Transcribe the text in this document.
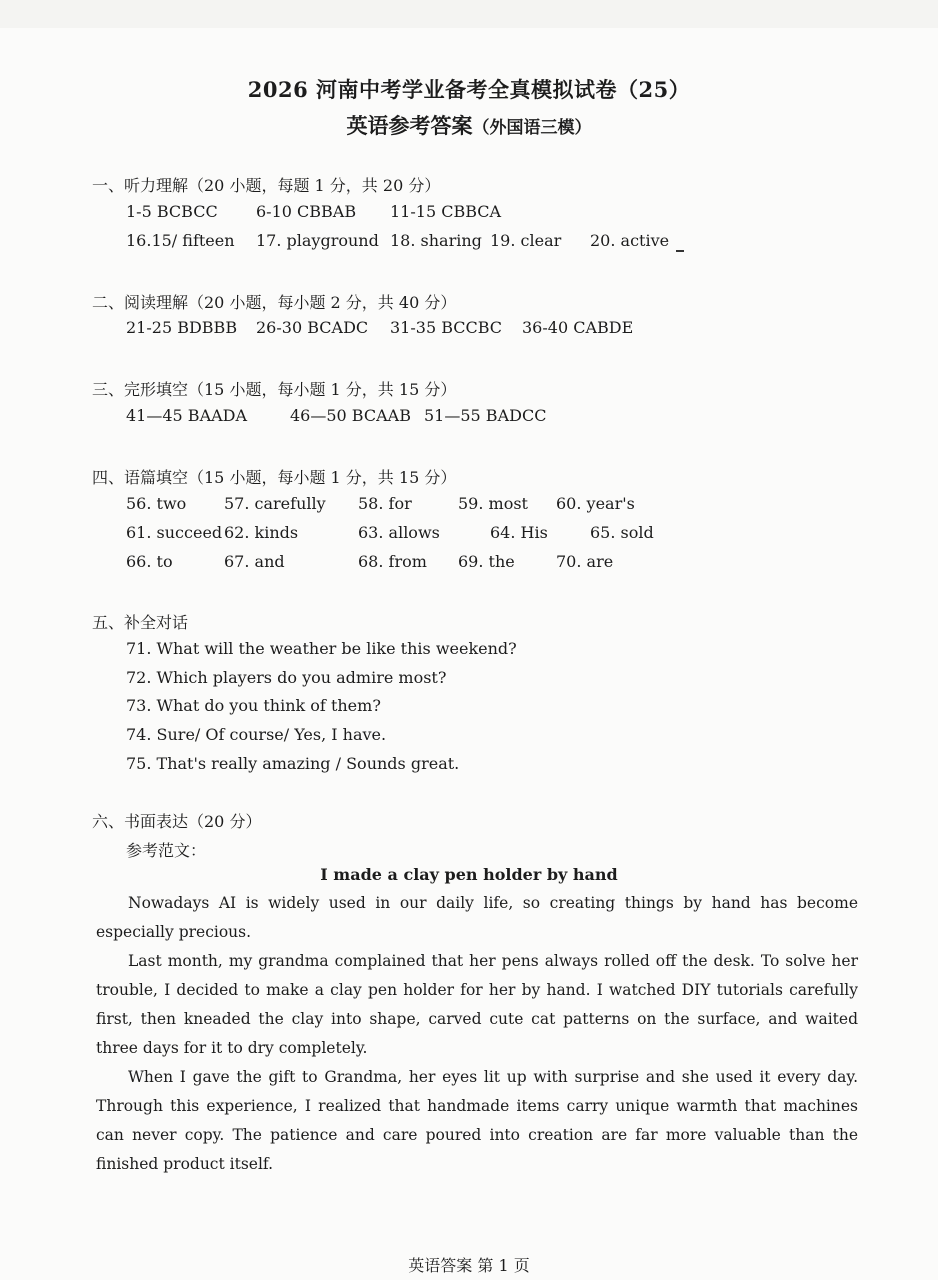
2026 河南中考学业备考全真模拟试卷（25）
英语参考答案（外国语三模）
一、听力理解（20 小题，每题 1 分，共 20 分）
1-5 BCBCC 6-10 CBBAB 11-15 CBBCA
16.15/ fifteen 17. playground 18. sharing 19. clear 20. active
二、阅读理解（20 小题，每小题 2 分，共 40 分）
21-25 BDBBB 26-30 BCADC 31-35 BCCBC 36-40 CABDE
三、完形填空（15 小题，每小题 1 分，共 15 分）
41—45 BAADA	46—50 BCAAB 51—55 BADCC
四、语篇填空（15 小题，每小题 1 分，共 15 分）
56. two 57. carefully 58. for	59. most 60. year's
61. succeed 62. kinds	63. allows	64. His	65. sold
66. to	67. and	68. from 69. the	70. are
五、补全对话
71. What will the weather be like this weekend?
72. Which players do you admire most?
73. What do you think of them?
74. Sure/ Of course/ Yes, I have.
75. That's really amazing / Sounds great.
六、书面表达（20 分）
参考范文：
I made a clay pen holder by hand

Nowadays AI is widely used in our daily life, so creating things by hand has become especially precious.

Last month, my grandma complained that her pens always rolled off the desk. To solve her trouble, I decided to make a clay pen holder for her by hand. I watched DIY tutorials carefully first, then kneaded the clay into shape, carved cute cat patterns on the surface, and waited three days for it to dry completely.

When I gave the gift to Grandma, her eyes lit up with surprise and she used it every day. Through this experience, I realized that handmade items carry unique warmth that machines can never copy. The patience and care poured into creation are far more valuable than the finished product itself.

英语答案 第 1 页
